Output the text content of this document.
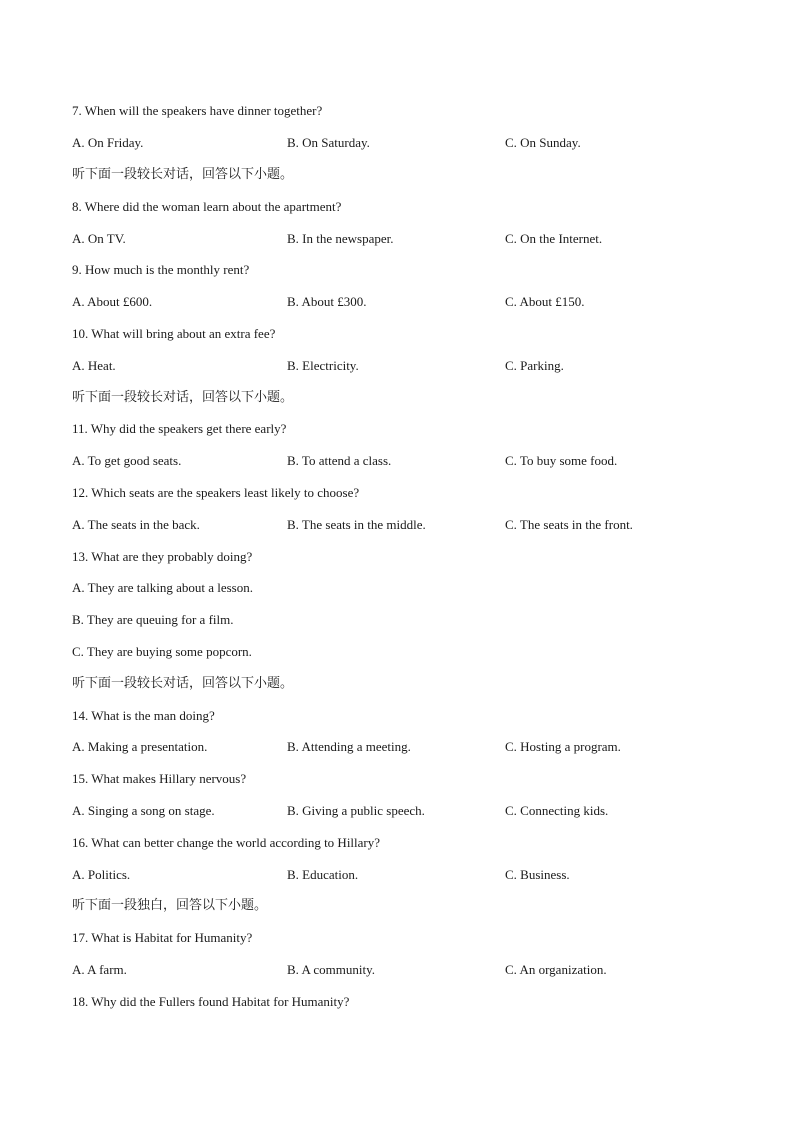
7. When will the speakers have dinner together?
A. On Friday.	B. On Saturday.	C. On Sunday.
听下面一段较长对话，回答以下小题。
8. Where did the woman learn about the apartment?
A. On TV.	B. In the newspaper.	C. On the Internet.
9. How much is the monthly rent?
A. About £600.	B. About £300.	C. About £150.
10. What will bring about an extra fee?
A. Heat.	B. Electricity.	C. Parking.
听下面一段较长对话，回答以下小题。
11. Why did the speakers get there early?
A. To get good seats.	B. To attend a class.	C. To buy some food.
12. Which seats are the speakers least likely to choose?
A. The seats in the back.	B. The seats in the middle.	C. The seats in the front.
13. What are they probably doing?
A. They are talking about a lesson.
B. They are queuing for a film.
C. They are buying some popcorn.
听下面一段较长对话，回答以下小题。
14. What is the man doing?
A. Making a presentation.	B. Attending a meeting.	C. Hosting a program.
15. What makes Hillary nervous?
A. Singing a song on stage.	B. Giving a public speech.	C. Connecting kids.
16. What can better change the world according to Hillary?
A. Politics.	B. Education.	C. Business.
听下面一段独白，回答以下小题。
17. What is Habitat for Humanity?
A. A farm.	B. A community.	C. An organization.
18. Why did the Fullers found Habitat for Humanity?
